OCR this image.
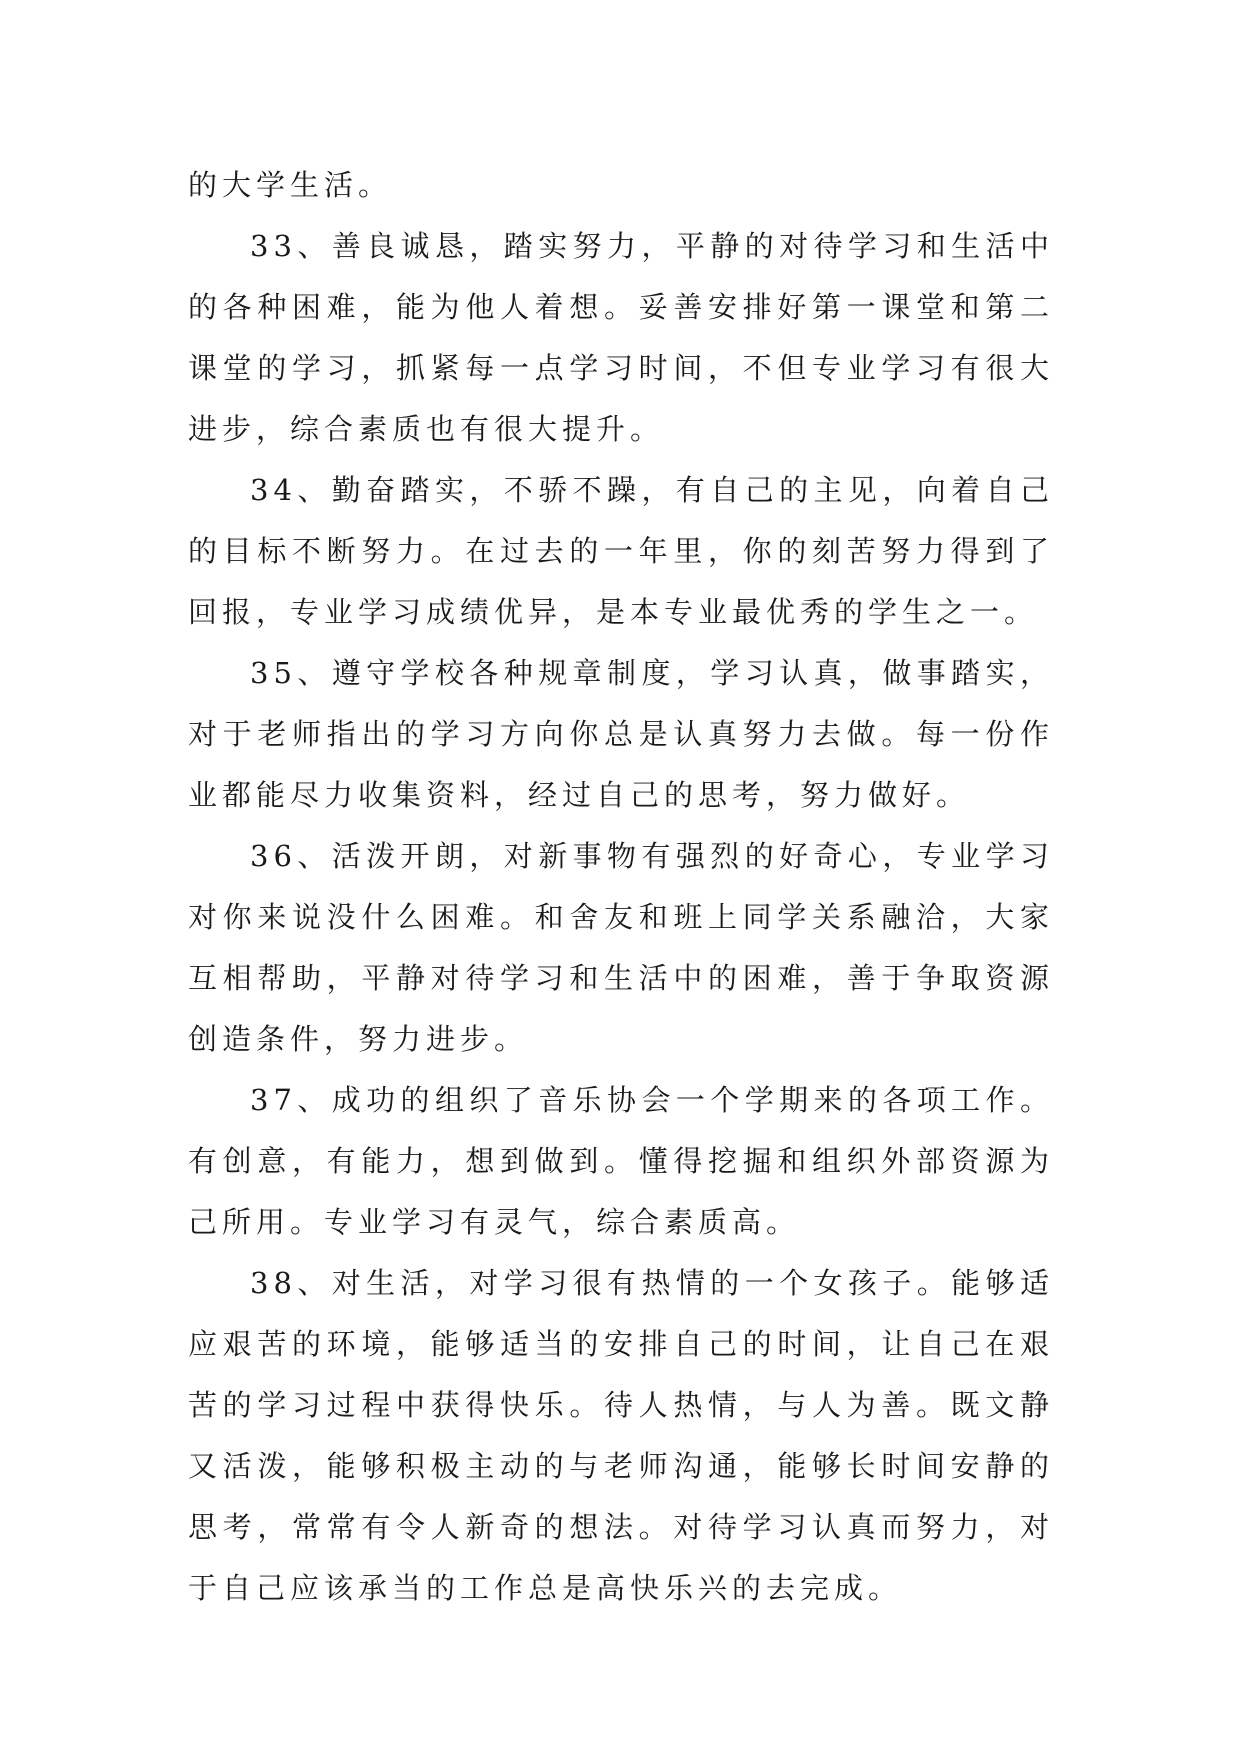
的大学生活。

33、善良诚恳，踏实努力，平静的对待学习和生活中的各种困难，能为他人着想。妥善安排好第一课堂和第二课堂的学习，抓紧每一点学习时间，不但专业学习有很大进步，综合素质也有很大提升。

34、勤奋踏实，不骄不躁，有自己的主见，向着自己的目标不断努力。在过去的一年里，你的刻苦努力得到了回报，专业学习成绩优异，是本专业最优秀的学生之一。

35、遵守学校各种规章制度，学习认真，做事踏实，对于老师指出的学习方向你总是认真努力去做。每一份作业都能尽力收集资料，经过自己的思考，努力做好。

36、活泼开朗，对新事物有强烈的好奇心，专业学习对你来说没什么困难。和舍友和班上同学关系融洽，大家互相帮助，平静对待学习和生活中的困难，善于争取资源创造条件，努力进步。

37、成功的组织了音乐协会一个学期来的各项工作。有创意，有能力，想到做到。懂得挖掘和组织外部资源为己所用。专业学习有灵气，综合素质高。

38、对生活，对学习很有热情的一个女孩子。能够适应艰苦的环境，能够适当的安排自己的时间，让自己在艰苦的学习过程中获得快乐。待人热情，与人为善。既文静又活泼，能够积极主动的与老师沟通，能够长时间安静的思考，常常有令人新奇的想法。对待学习认真而努力，对于自己应该承当的工作总是高快乐兴的去完成。
